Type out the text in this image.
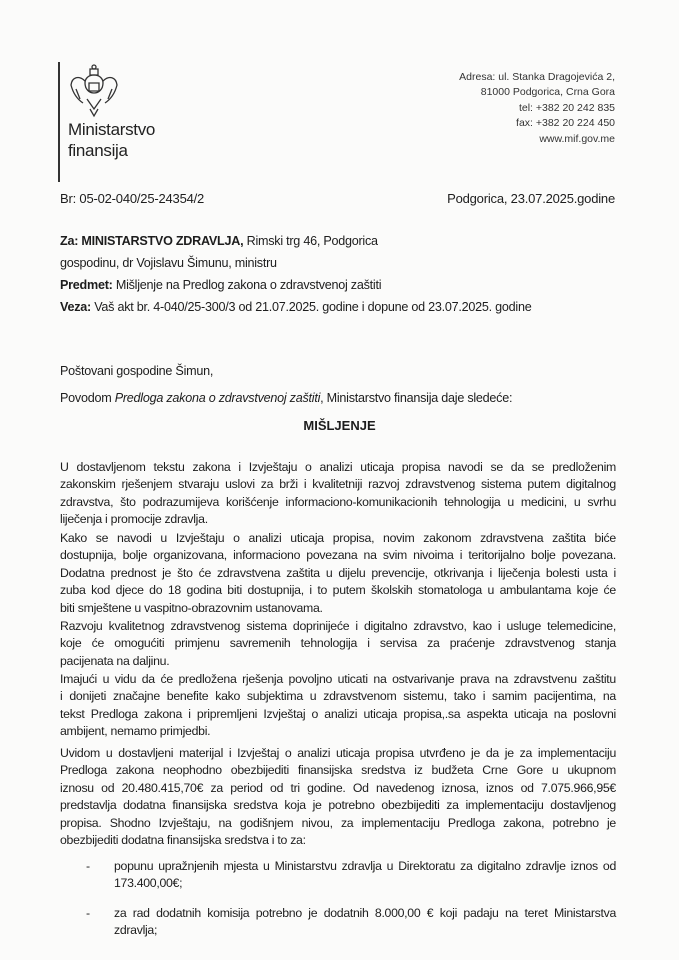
Ministarstvo
finansija
Adresa: ul. Stanka Dragojevića 2,
81000 Podgorica, Crna Gora
tel: +382 20 242 835
fax: +382 20 224 450
www.mif.gov.me
Br: 05-02-040/25-24354/2	Podgorica, 23.07.2025.godine
Za: MINISTARSTVO ZDRAVLJA, Rimski trg 46, Podgorica
gospodinu, dr Vojislavu Šimunu, ministru
Predmet: Mišljenje na Predlog zakona o zdravstvenoj zaštiti
Veza: Vaš akt br. 4-040/25-300/3 od 21.07.2025. godine i dopune od 23.07.2025. godine
Poštovani gospodine Šimun,
Povodom Predloga zakona o zdravstvenoj zaštiti, Ministarstvo finansija daje sledeće:
MIŠLJENJE
U dostavljenom tekstu zakona i Izvještaju o analizi uticaja propisa navodi se da se predloženim
zakonskim rješenjem stvaraju uslovi za brži i kvalitetniji razvoj zdravstvenog sistema putem digitalnog
zdravstva, što podrazumijeva korišćenje informaciono-komunikacionih tehnologija u medicini, u svrhu
liječenja i promocije zdravlja.
Kako se navodi u Izvještaju o analizi uticaja propisa, novim zakonom zdravstvena zaštita biće
dostupnija, bolje organizovana, informaciono povezana na svim nivoima i teritorijalno bolje povezana.
Dodatna prednost je što će zdravstvena zaštita u dijelu prevencije, otkrivanja i liječenja bolesti usta i
zuba kod djece do 18 godina biti dostupnija, i to putem školskih stomatologa u ambulantama koje će
biti smještene u vaspitno-obrazovnim ustanovama.
Razvoju kvalitetnog zdravstvenog sistema doprinijeće i digitalno zdravstvo, kao i usluge telemedicine,
koje će omogućiti primjenu savremenih tehnologija i servisa za praćenje zdravstvenog stanja
pacijenata na daljinu.
Imajući u vidu da će predložena rješenja povoljno uticati na ostvarivanje prava na zdravstvenu zaštitu
i donijeti značajne benefite kako subjektima u zdravstvenom sistemu, tako i samim pacijentima, na
tekst Predloga zakona i pripremljeni Izvještaj o analizi uticaja propisa,.sa aspekta uticaja na poslovni
ambijent, nemamo primjedbi.
Uvidom u dostavljeni materijal i Izvještaj o analizi uticaja propisa utvrđeno je da je za implementaciju
Predloga zakona neophodno obezbijediti finansijska sredstva iz budžeta Crne Gore u ukupnom
iznosu od 20.480.415,70€ za period od tri godine. Od navedenog iznosa, iznos od 7.075.966,95€
predstavlja dodatna finansijska sredstva koja je potrebno obezbijediti za implementaciju dostavljenog
propisa. Shodno Izvještaju, na godišnjem nivou, za implementaciju Predloga zakona, potrebno je
obezbijediti dodatna finansijska sredstva i to za:
- popunu upražnjenih mjesta u Ministarstvu zdravlja u Direktoratu za digitalno zdravlje iznos od
173.400,00€;
- za rad dodatnih komisija potrebno je dodatnih 8.000,00 € koji padaju na teret Ministarstva
zdravlja;
